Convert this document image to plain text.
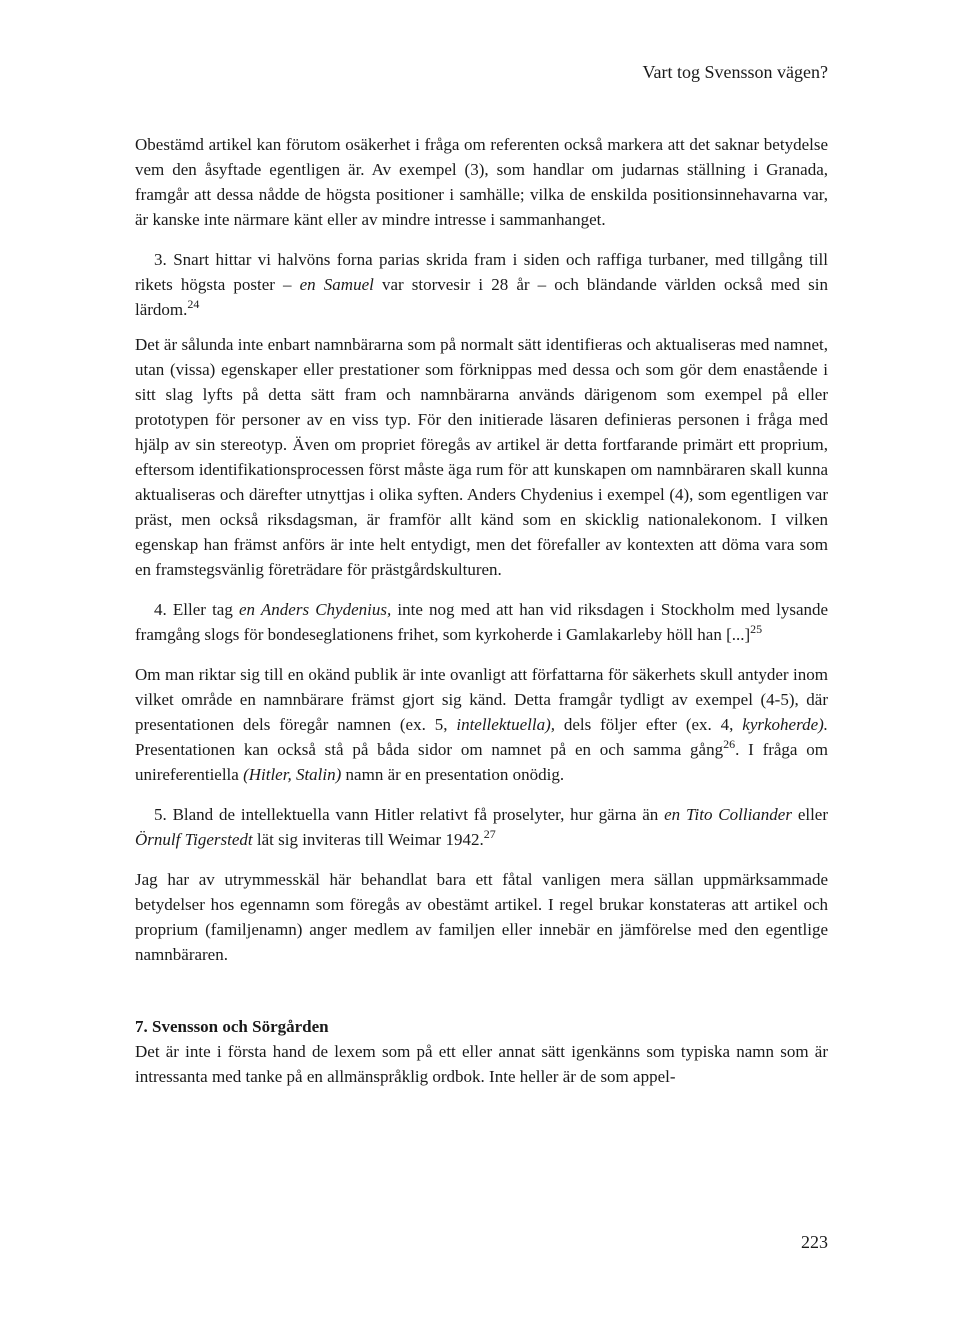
Vart tog Svensson vägen?

Obestämd artikel kan förutom osäkerhet i fråga om referenten också markera att det saknar betydelse vem den åsyftade egentligen är. Av exempel (3), som handlar om judarnas ställning i Granada, framgår att dessa nådde de högsta positioner i samhälle; vilka de enskilda positionsinnehavarna var, är kanske inte närmare känt eller av mindre intresse i sammanhanget.

3. Snart hittar vi halvöns forna parias skrida fram i siden och raffiga turbaner, med tillgång till rikets högsta poster – en Samuel var storvesir i 28 år – och bländande världen också med sin lärdom.$^{24}$

Det är sålunda inte enbart namnbärarna som på normalt sätt identifieras och aktualiseras med namnet, utan (vissa) egenskaper eller prestationer som förknippas med dessa och som gör dem enastående i sitt slag lyfts på detta sätt fram och namnbärarna används därigenom som exempel på eller prototypen för personer av en viss typ. För den initierade läsaren definieras personen i fråga med hjälp av sin stereotyp. Även om propriet föregås av artikel är detta fortfarande primärt ett proprium, eftersom identifikationsprocessen först måste äga rum för att kunskapen om namnbäraren skall kunna aktualiseras och därefter utnyttjas i olika syften. Anders Chydenius i exempel (4), som egentligen var präst, men också riksdagsman, är framför allt känd som en skicklig nationalekonom. I vilken egenskap han främst anförs är inte helt entydigt, men det förefaller av kontexten att döma vara som en framstegsvänlig företrädare för prästgårdskulturen.

4. Eller tag en Anders Chydenius, inte nog med att han vid riksdagen i Stockholm med lysande framgång slogs för bondeseglationens frihet, som kyrkoherde i Gamlakarleby höll han [...]$^{25}$

Om man riktar sig till en okänd publik är inte ovanligt att författarna för säkerhets skull antyder inom vilket område en namnbärare främst gjort sig känd. Detta framgår tydligt av exempel (4-5), där presentationen dels föregår namnen (ex. 5, intellektuella), dels följer efter (ex. 4, kyrkoherde). Presentationen kan också stå på båda sidor om namnet på en och samma gång$^{26}$. I fråga om unireferentiella (Hitler, Stalin) namn är en presentation onödig.

5. Bland de intellektuella vann Hitler relativt få proselyter, hur gärna än en Tito Colliander eller Örnulf Tigerstedt lät sig inviteras till Weimar 1942.27

Jag har av utrymmesskäl här behandlat bara ett fåtal vanligen mera sällan uppmärksammade betydelser hos egennamn som föregås av obestämt artikel. I regel brukar konstateras att artikel och proprium (familjenamn) anger medlem av familjen eller innebär en jämförelse med den egentlige namnbäraren.

7. Svensson och Sörgården

Det är inte i första hand de lexem som på ett eller annat sätt igenkänns som typiska namn som är intressanta med tanke på en allmänspråklig ordbok. Inte heller är de som appel-

223
